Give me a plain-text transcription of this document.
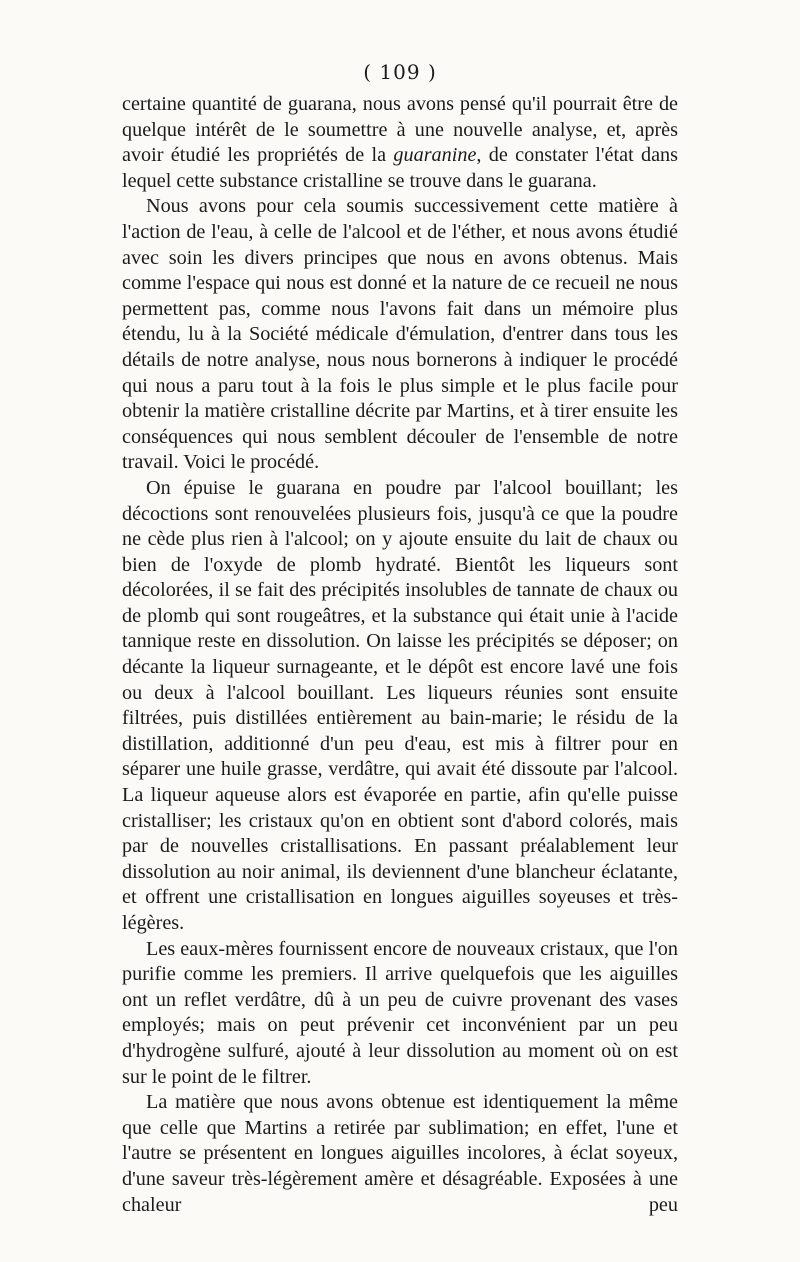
( 109 )

certaine quantité de guarana, nous avons pensé qu'il pourrait être de quelque intérêt de le soumettre à une nouvelle analyse, et, après avoir étudié les propriétés de la guaranine, de constater l'état dans lequel cette substance cristalline se trouve dans le guarana.

Nous avons pour cela soumis successivement cette matière à l'action de l'eau, à celle de l'alcool et de l'éther, et nous avons étudié avec soin les divers principes que nous en avons obtenus. Mais comme l'espace qui nous est donné et la nature de ce recueil ne nous permettent pas, comme nous l'avons fait dans un mémoire plus étendu, lu à la Société médicale d'émulation, d'entrer dans tous les détails de notre analyse, nous nous bornerons à indiquer le procédé qui nous a paru tout à la fois le plus simple et le plus facile pour obtenir la matière cristalline décrite par Martins, et à tirer ensuite les conséquences qui nous semblent découler de l'ensemble de notre travail. Voici le procédé.

On épuise le guarana en poudre par l'alcool bouillant; les décoctions sont renouvelées plusieurs fois, jusqu'à ce que la poudre ne cède plus rien à l'alcool; on y ajoute ensuite du lait de chaux ou bien de l'oxyde de plomb hydraté. Bientôt les liqueurs sont décolorées, il se fait des précipités insolubles de tannate de chaux ou de plomb qui sont rougeâtres, et la substance qui était unie à l'acide tannique reste en dissolution. On laisse les précipités se déposer; on décante la liqueur surnageante, et le dépôt est encore lavé une fois ou deux à l'alcool bouillant. Les liqueurs réunies sont ensuite filtrées, puis distillées entièrement au bain-marie; le résidu de la distillation, additionné d'un peu d'eau, est mis à filtrer pour en séparer une huile grasse, verdâtre, qui avait été dissoute par l'alcool. La liqueur aqueuse alors est évaporée en partie, afin qu'elle puisse cristalliser; les cristaux qu'on en obtient sont d'abord colorés, mais par de nouvelles cristallisations. En passant préalablement leur dissolution au noir animal, ils deviennent d'une blancheur éclatante, et offrent une cristallisation en longues aiguilles soyeuses et très-légères.

Les eaux-mères fournissent encore de nouveaux cristaux, que l'on purifie comme les premiers. Il arrive quelquefois que les aiguilles ont un reflet verdâtre, dû à un peu de cuivre provenant des vases employés; mais on peut prévenir cet inconvénient par un peu d'hydrogène sulfuré, ajouté à leur dissolution au moment où on est sur le point de le filtrer.

La matière que nous avons obtenue est identiquement la même que celle que Martins a retirée par sublimation; en effet, l'une et l'autre se présentent en longues aiguilles incolores, à éclat soyeux, d'une saveur très-légèrement amère et désagréable. Exposées à une chaleur peu
